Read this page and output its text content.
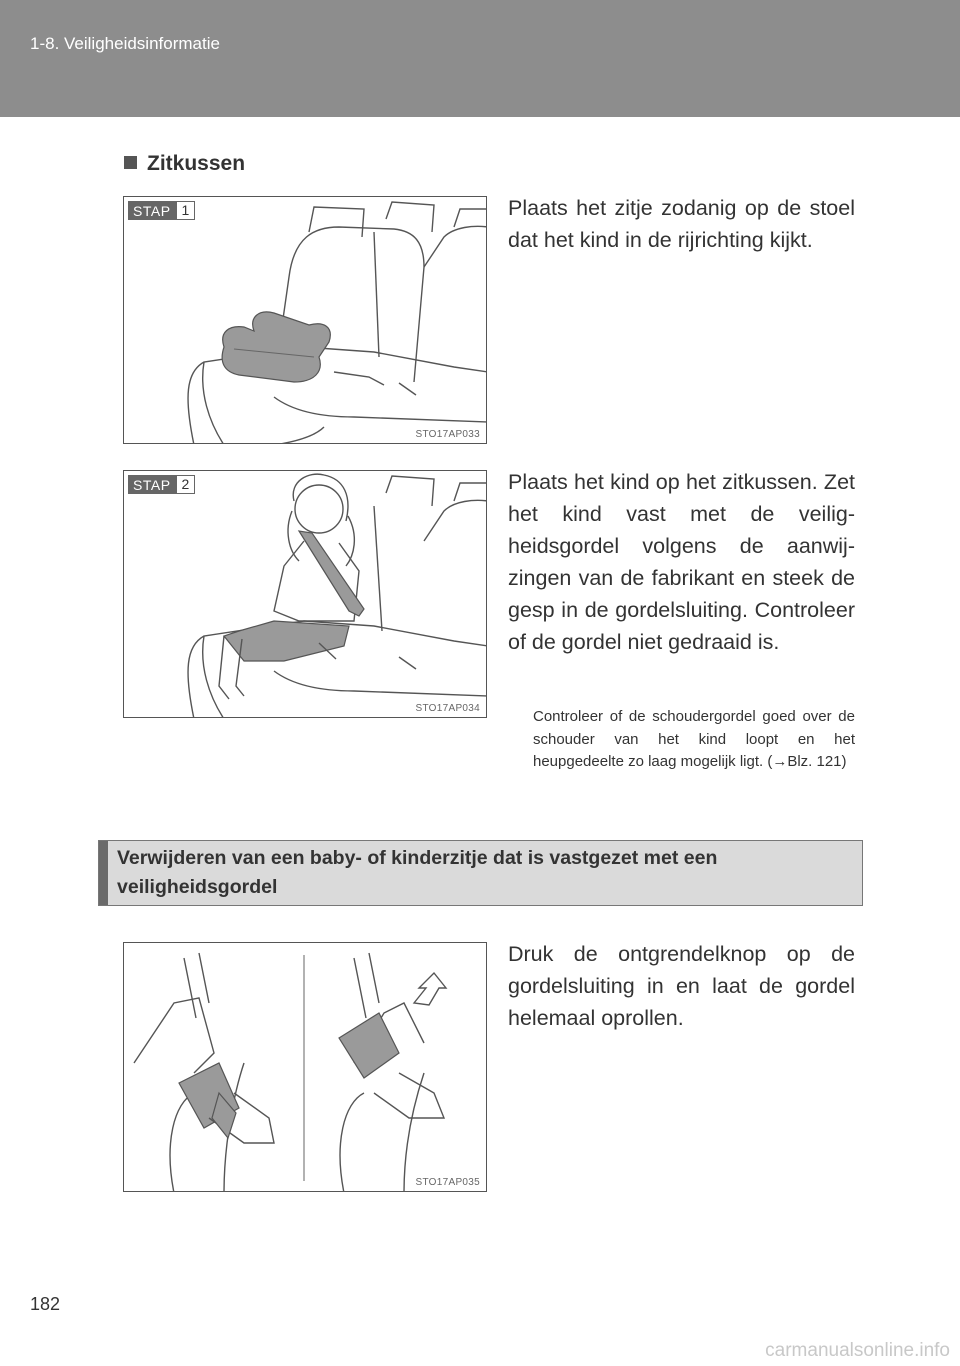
1-8. Veiligheidsinformatie
Zitkussen
STAP 1
STO17AP033

Plaats het zitje zodanig op de stoel dat het kind in de rijrichting kijkt.

STAP 2
STO17AP034

Plaats het kind op het zitkussen. Zet het kind vast met de veilig-heidsgordel volgens de aanwij-zingen van de fabrikant en steek de gesp in de gordelsluiting. Controleer of de gordel niet gedraaid is.

Controleer of de schoudergordel goed over de schouder van het kind loopt en het heupgedeelte zo laag mogelijk ligt. (→Blz. 121)

Verwijderen van een baby- of kinderzitje dat is vastgezet met een veiligheidsgordel
STO17AP035

Druk de ontgrendelknop op de gordelsluiting in en laat de gordel helemaal oprollen.

182
carmanualsonline.info
